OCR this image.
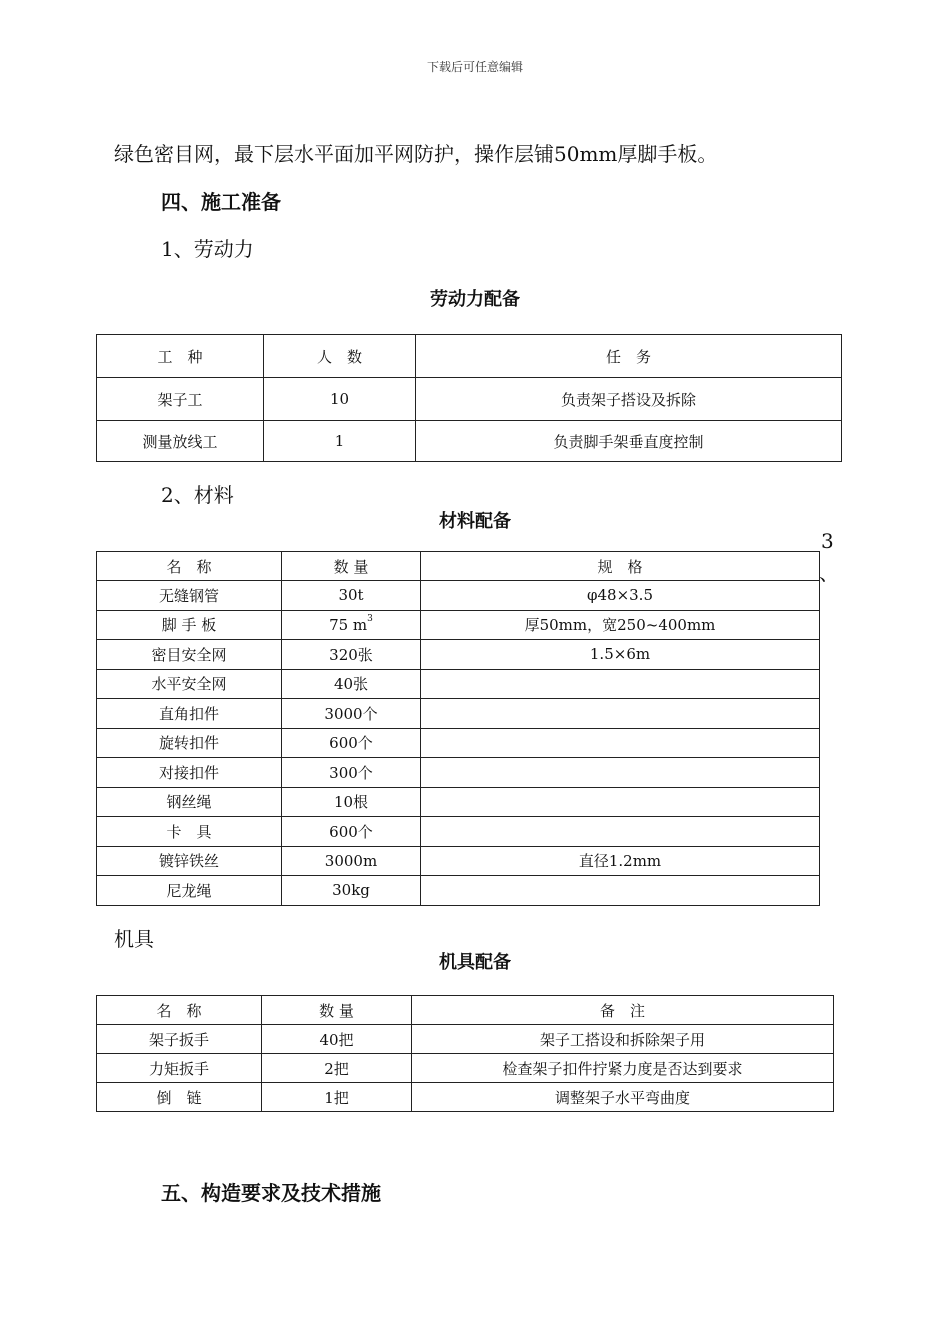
下载后可任意编辑
绿色密目网，最下层水平面加平网防护，操作层铺50mm厚脚手板。
四、施工准备
1、劳动力
劳动力配备
工　种	人　数	任　务
架子工	10	负责架子搭设及拆除
测量放线工	1	负责脚手架垂直度控制
2、材料
材料配备
3
、
名　称	数 量	规　格
无缝钢管	30t	φ48×3.5
脚 手 板	75 $m^3$	厚50mm，宽250~400mm
密目安全网	320张	1.5×6m
水平安全网	40张	
直角扣件	3000个	
旋转扣件	600个	
对接扣件	300个	
钢丝绳	10根	
卡　具	600个	
镀锌铁丝	3000m	直径1.2mm
尼龙绳	30kg	
机具
机具配备
名　称	数 量	备　注
架子扳手	40把	架子工搭设和拆除架子用
力矩扳手	2把	检查架子扣件拧紧力度是否达到要求
倒　链	1把	调整架子水平弯曲度
五、构造要求及技术措施
